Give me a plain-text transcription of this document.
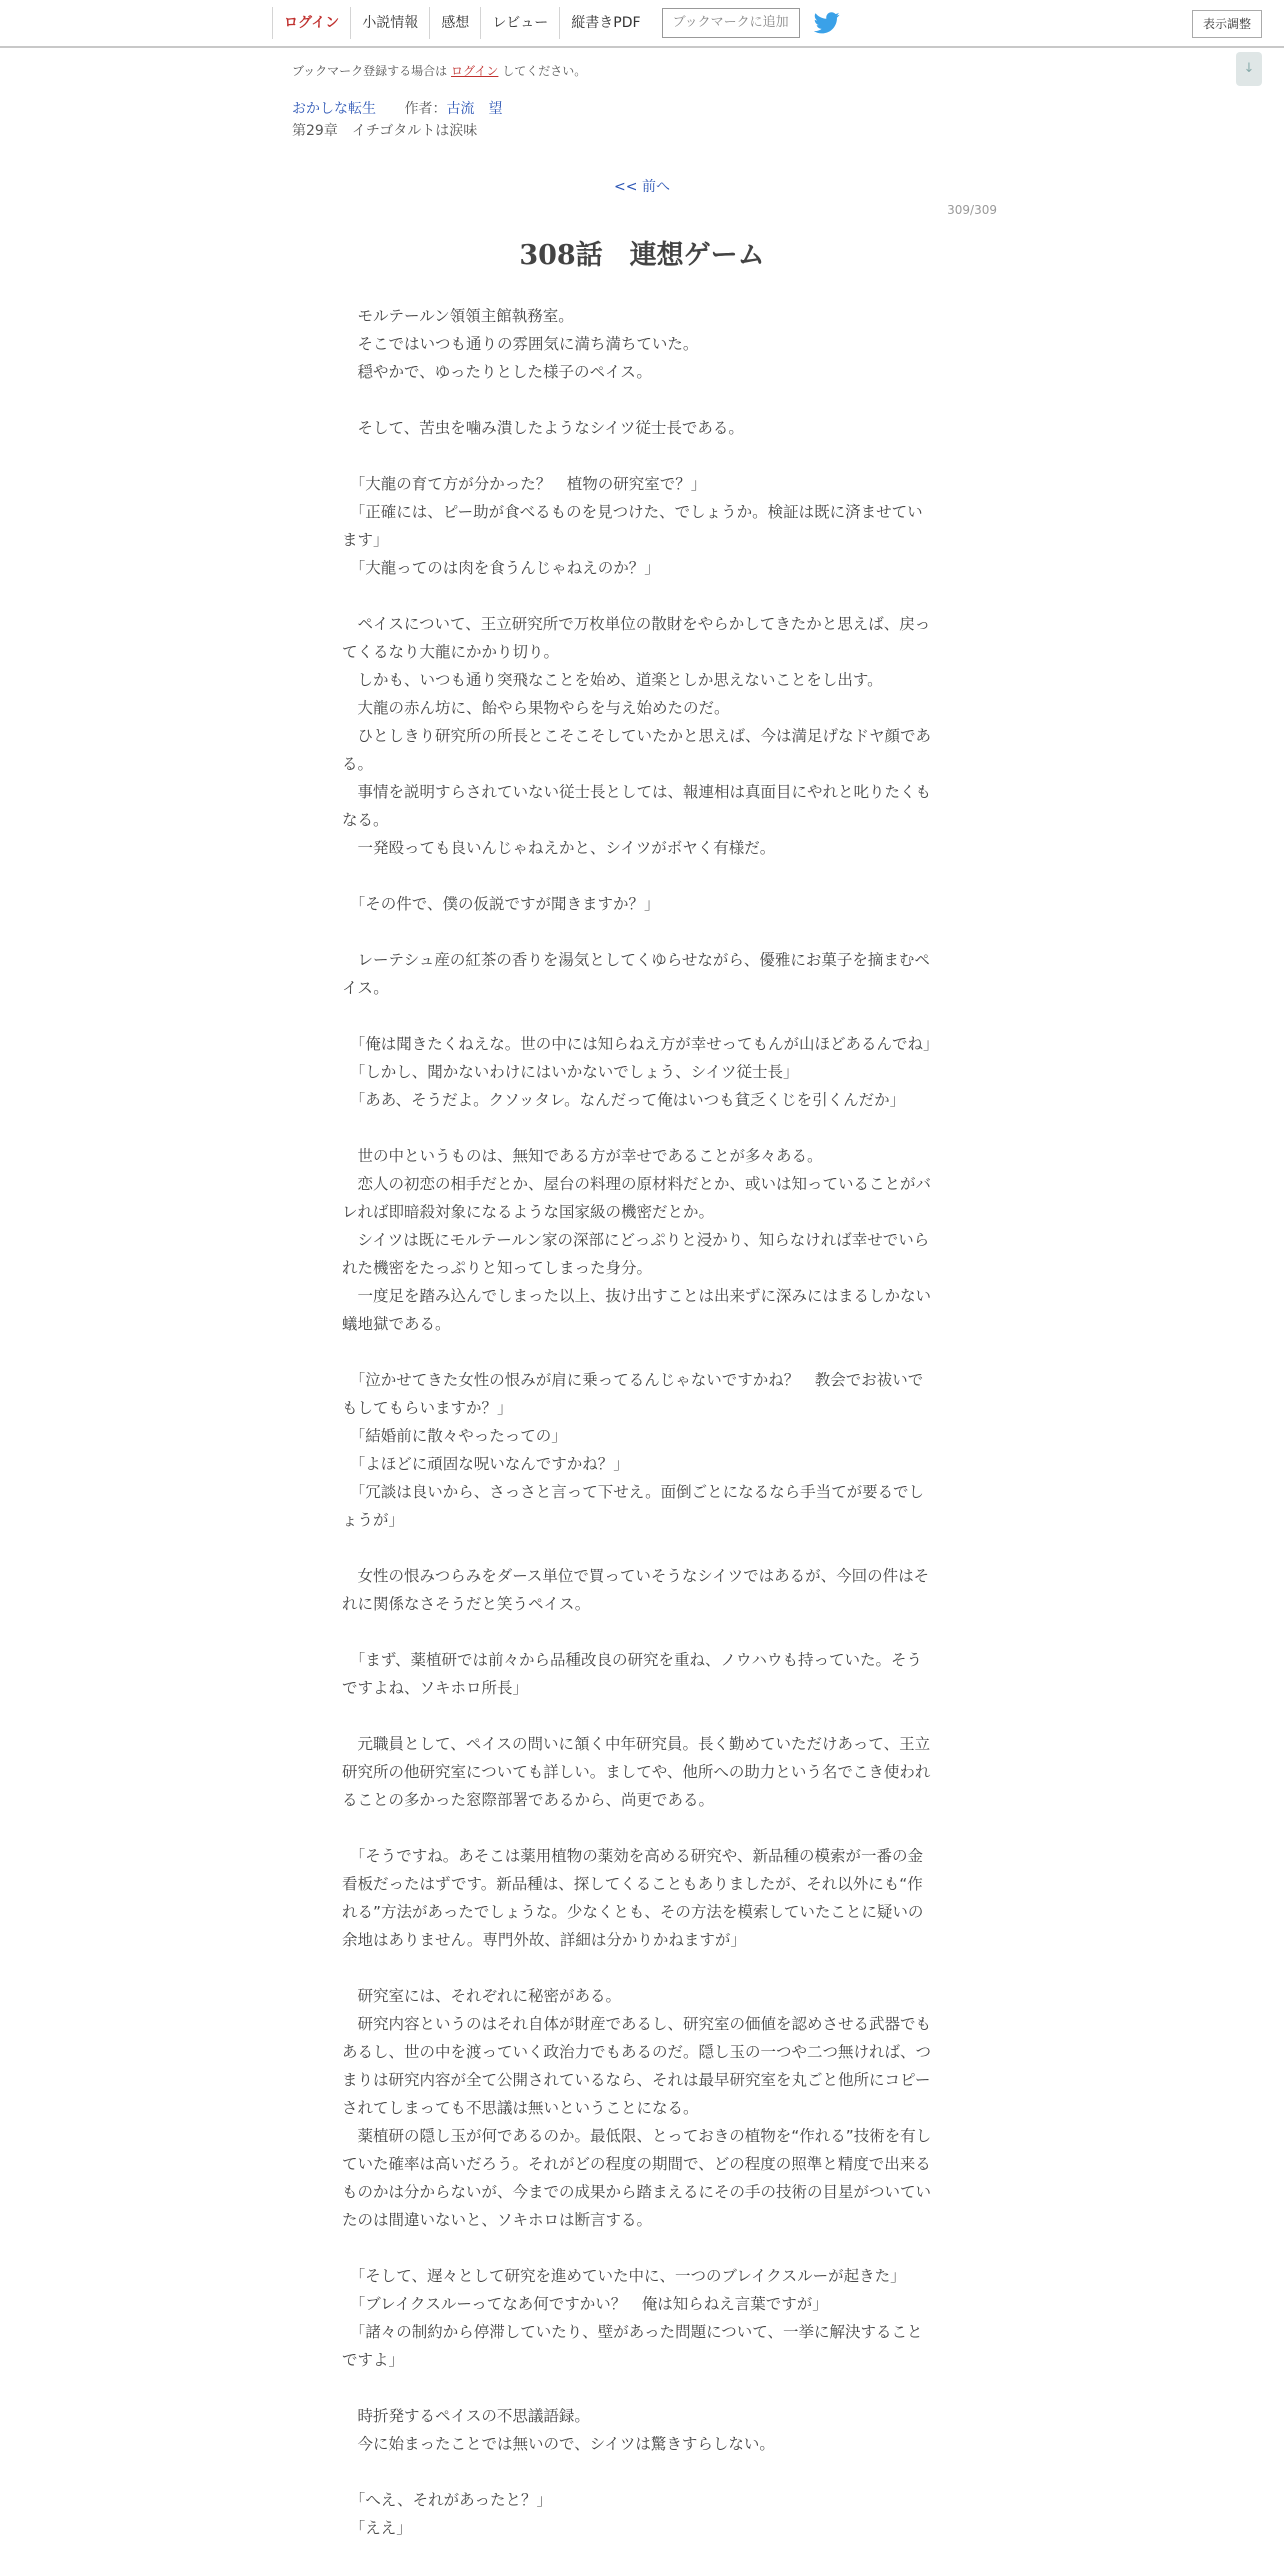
ログイン	小説情報	感想	レビュー	縦書きPDF	ブックマークに追加	表示調整
↓
ブックマーク登録する場合は ログイン してください。
おかしな転生 作者：古流　望
第29章　イチゴタルトは涙味
<< 前へ
309/309
308話　連想ゲーム

　モルテールン領領主館執務室。

　そこではいつも通りの雰囲気に満ち満ちていた。

　穏やかで、ゆったりとした様子のペイス。

　そして、苦虫を噛み潰したようなシイツ従士長である。

　「大龍の育て方が分かった？　植物の研究室で？」

　「正確には、ピー助が食べるものを見つけた、でしょうか。検証は既に済ませています」

　「大龍ってのは肉を食うんじゃねえのか？」

　ペイスについて、王立研究所で万枚単位の散財をやらかしてきたかと思えば、戻ってくるなり大龍にかかり切り。

　しかも、いつも通り突飛なことを始め、道楽としか思えないことをし出す。

　大龍の赤ん坊に、飴やら果物やらを与え始めたのだ。

　ひとしきり研究所の所長とこそこそしていたかと思えば、今は満足げなドヤ顔である。

　事情を説明すらされていない従士長としては、報連相は真面目にやれと叱りたくもなる。

　一発殴っても良いんじゃねえかと、シイツがボヤく有様だ。

　「その件で、僕の仮説ですが聞きますか？」

　レーテシュ産の紅茶の香りを湯気としてくゆらせながら、優雅にお菓子を摘まむペイス。

　「俺は聞きたくねえな。世の中には知らねえ方が幸せってもんが山ほどあるんでね」

　「しかし、聞かないわけにはいかないでしょう、シイツ従士長」

　「ああ、そうだよ。クソッタレ。なんだって俺はいつも貧乏くじを引くんだか」

　世の中というものは、無知である方が幸せであることが多々ある。

　恋人の初恋の相手だとか、屋台の料理の原材料だとか、或いは知っていることがバレれば即暗殺対象になるような国家級の機密だとか。

　シイツは既にモルテールン家の深部にどっぷりと浸かり、知らなければ幸せでいられた機密をたっぷりと知ってしまった身分。

　一度足を踏み込んでしまった以上、抜け出すことは出来ずに深みにはまるしかない蟻地獄である。

　「泣かせてきた女性の恨みが肩に乗ってるんじゃないですかね？　教会でお祓いでもしてもらいますか？」

　「結婚前に散々やったっての」

　「よほどに頑固な呪いなんですかね？」

　「冗談は良いから、さっさと言って下せえ。面倒ごとになるなら手当てが要るでしょうが」

　女性の恨みつらみをダース単位で買っていそうなシイツではあるが、今回の件はそれに関係なさそうだと笑うペイス。

　「まず、薬植研では前々から品種改良の研究を重ね、ノウハウも持っていた。そうですよね、ソキホロ所長」

　元職員として、ペイスの問いに頷く中年研究員。長く勤めていただけあって、王立研究所の他研究室についても詳しい。ましてや、他所への助力という名でこき使われることの多かった窓際部署であるから、尚更である。

　「そうですね。あそこは薬用植物の薬効を高める研究や、新品種の模索が一番の金看板だったはずです。新品種は、探してくることもありましたが、それ以外にも“作れる”方法があったでしょうな。少なくとも、その方法を模索していたことに疑いの余地はありません。専門外故、詳細は分かりかねますが」

　研究室には、それぞれに秘密がある。

　研究内容というのはそれ自体が財産であるし、研究室の価値を認めさせる武器でもあるし、世の中を渡っていく政治力でもあるのだ。隠し玉の一つや二つ無ければ、つまりは研究内容が全て公開されているなら、それは最早研究室を丸ごと他所にコピーされてしまっても不思議は無いということになる。

　薬植研の隠し玉が何であるのか。最低限、とっておきの植物を“作れる”技術を有していた確率は高いだろう。それがどの程度の期間で、どの程度の照準と精度で出来るものかは分からないが、今までの成果から踏まえるにその手の技術の目星がついていたのは間違いないと、ソキホロは断言する。

　「そして、遅々として研究を進めていた中に、一つのブレイクスルーが起きた」

　「ブレイクスルーってなあ何ですかい？　俺は知らねえ言葉ですが」

　「諸々の制約から停滞していたり、壁があった問題について、一挙に解決することですよ」

　時折発するペイスの不思議語録。

　今に始まったことでは無いので、シイツは驚きすらしない。

　「へえ、それがあったと？」

　「ええ」
